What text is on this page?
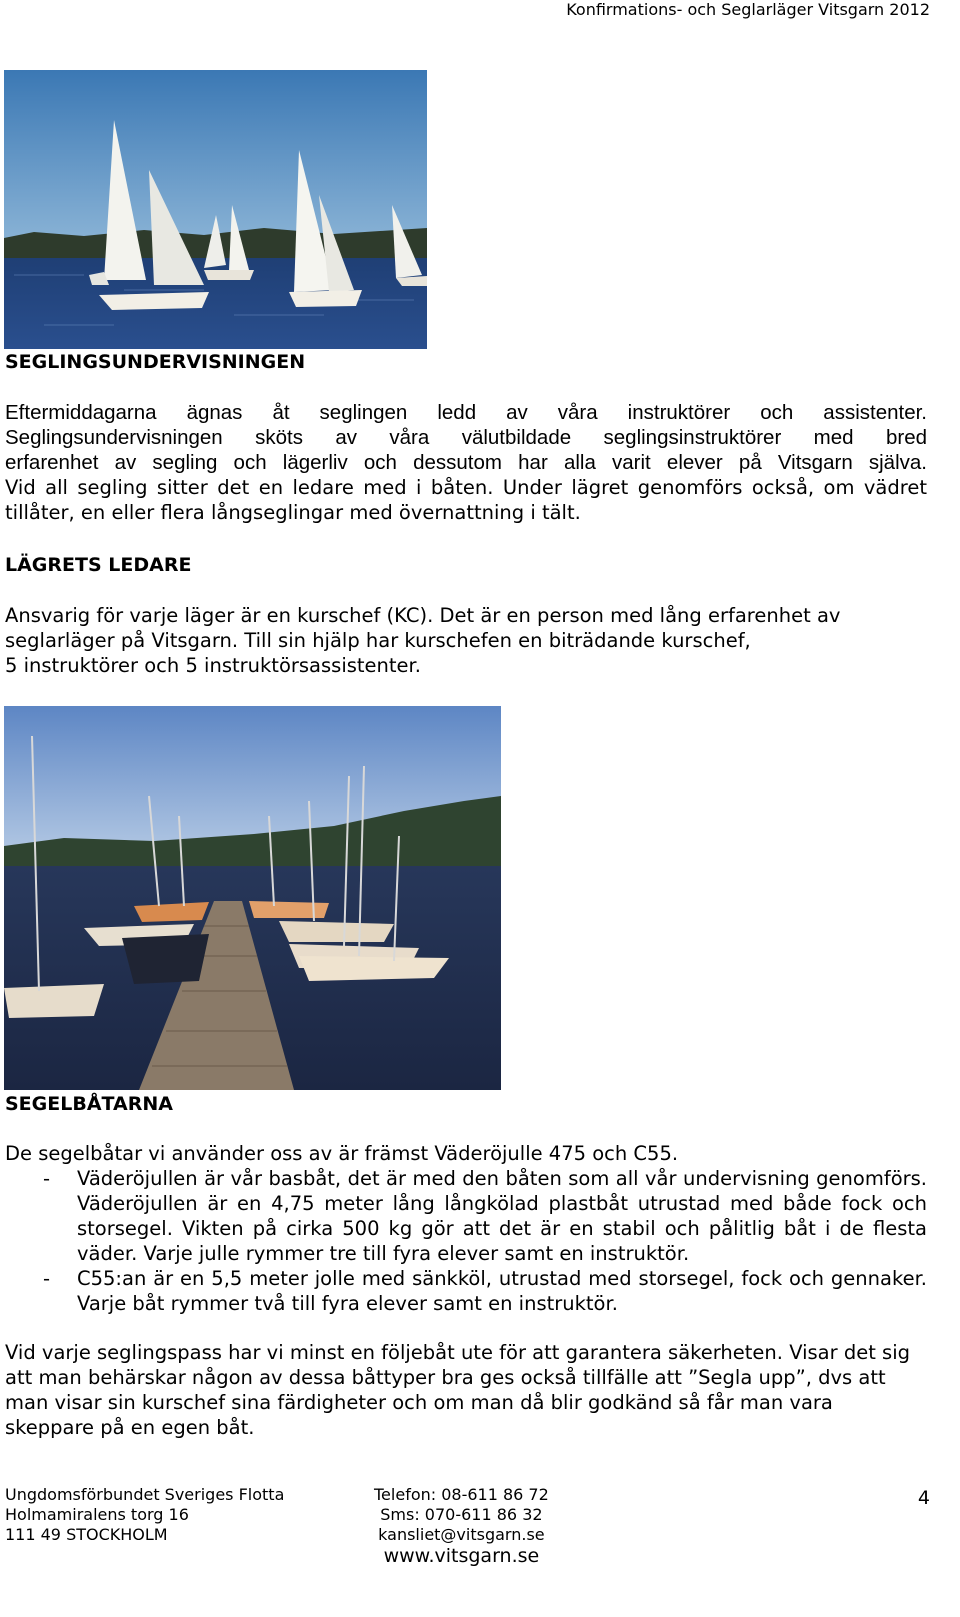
Konfirmations- och Seglarläger Vitsgarn 2012
SEGLINGSUNDERVISNINGEN
Eftermiddagarna ägnas åt seglingen ledd av våra instruktörer och assistenter.
Seglingsundervisningen sköts av våra välutbildade seglingsinstruktörer med bred
erfarenhet av segling och lägerliv och dessutom har alla varit elever på Vitsgarn själva.
Vid all segling sitter det en ledare med i båten. Under lägret genomförs också, om vädret
tillåter, en eller flera långseglingar med övernattning i tält.
LÄGRETS LEDARE
Ansvarig för varje läger är en kurschef (KC). Det är en person med lång erfarenhet av
seglarläger på Vitsgarn. Till sin hjälp har kurschefen en biträdande kurschef,
5 instruktörer och 5 instruktörsassistenter.
SEGELBÅTARNA
De segelbåtar vi använder oss av är främst Väderöjulle 475 och C55.
- Väderöjullen är vår basbåt, det är med den båten som all vår undervisning genomförs. Väderöjullen är en 4,75 meter lång långkölad plastbåt utrustad med både fock och storsegel. Vikten på cirka 500 kg gör att det är en stabil och pålitlig båt i de flesta väder. Varje julle rymmer tre till fyra elever samt en instruktör.
- C55:an är en 5,5 meter jolle med sänkköl, utrustad med storsegel, fock och gennaker. Varje båt rymmer två till fyra elever samt en instruktör.
Vid varje seglingspass har vi minst en följebåt ute för att garantera säkerheten. Visar det sig att man behärskar någon av dessa båttyper bra ges också tillfälle att ”Segla upp”, dvs att man visar sin kurschef sina färdigheter och om man då blir godkänd så får man vara skeppare på en egen båt.
Ungdomsförbundet Sveriges Flotta
Holmamiralens torg 16
111 49 STOCKHOLM
Telefon: 08-611 86 72
Sms: 070-611 86 32
kansliet@vitsgarn.se
www.vitsgarn.se
4
